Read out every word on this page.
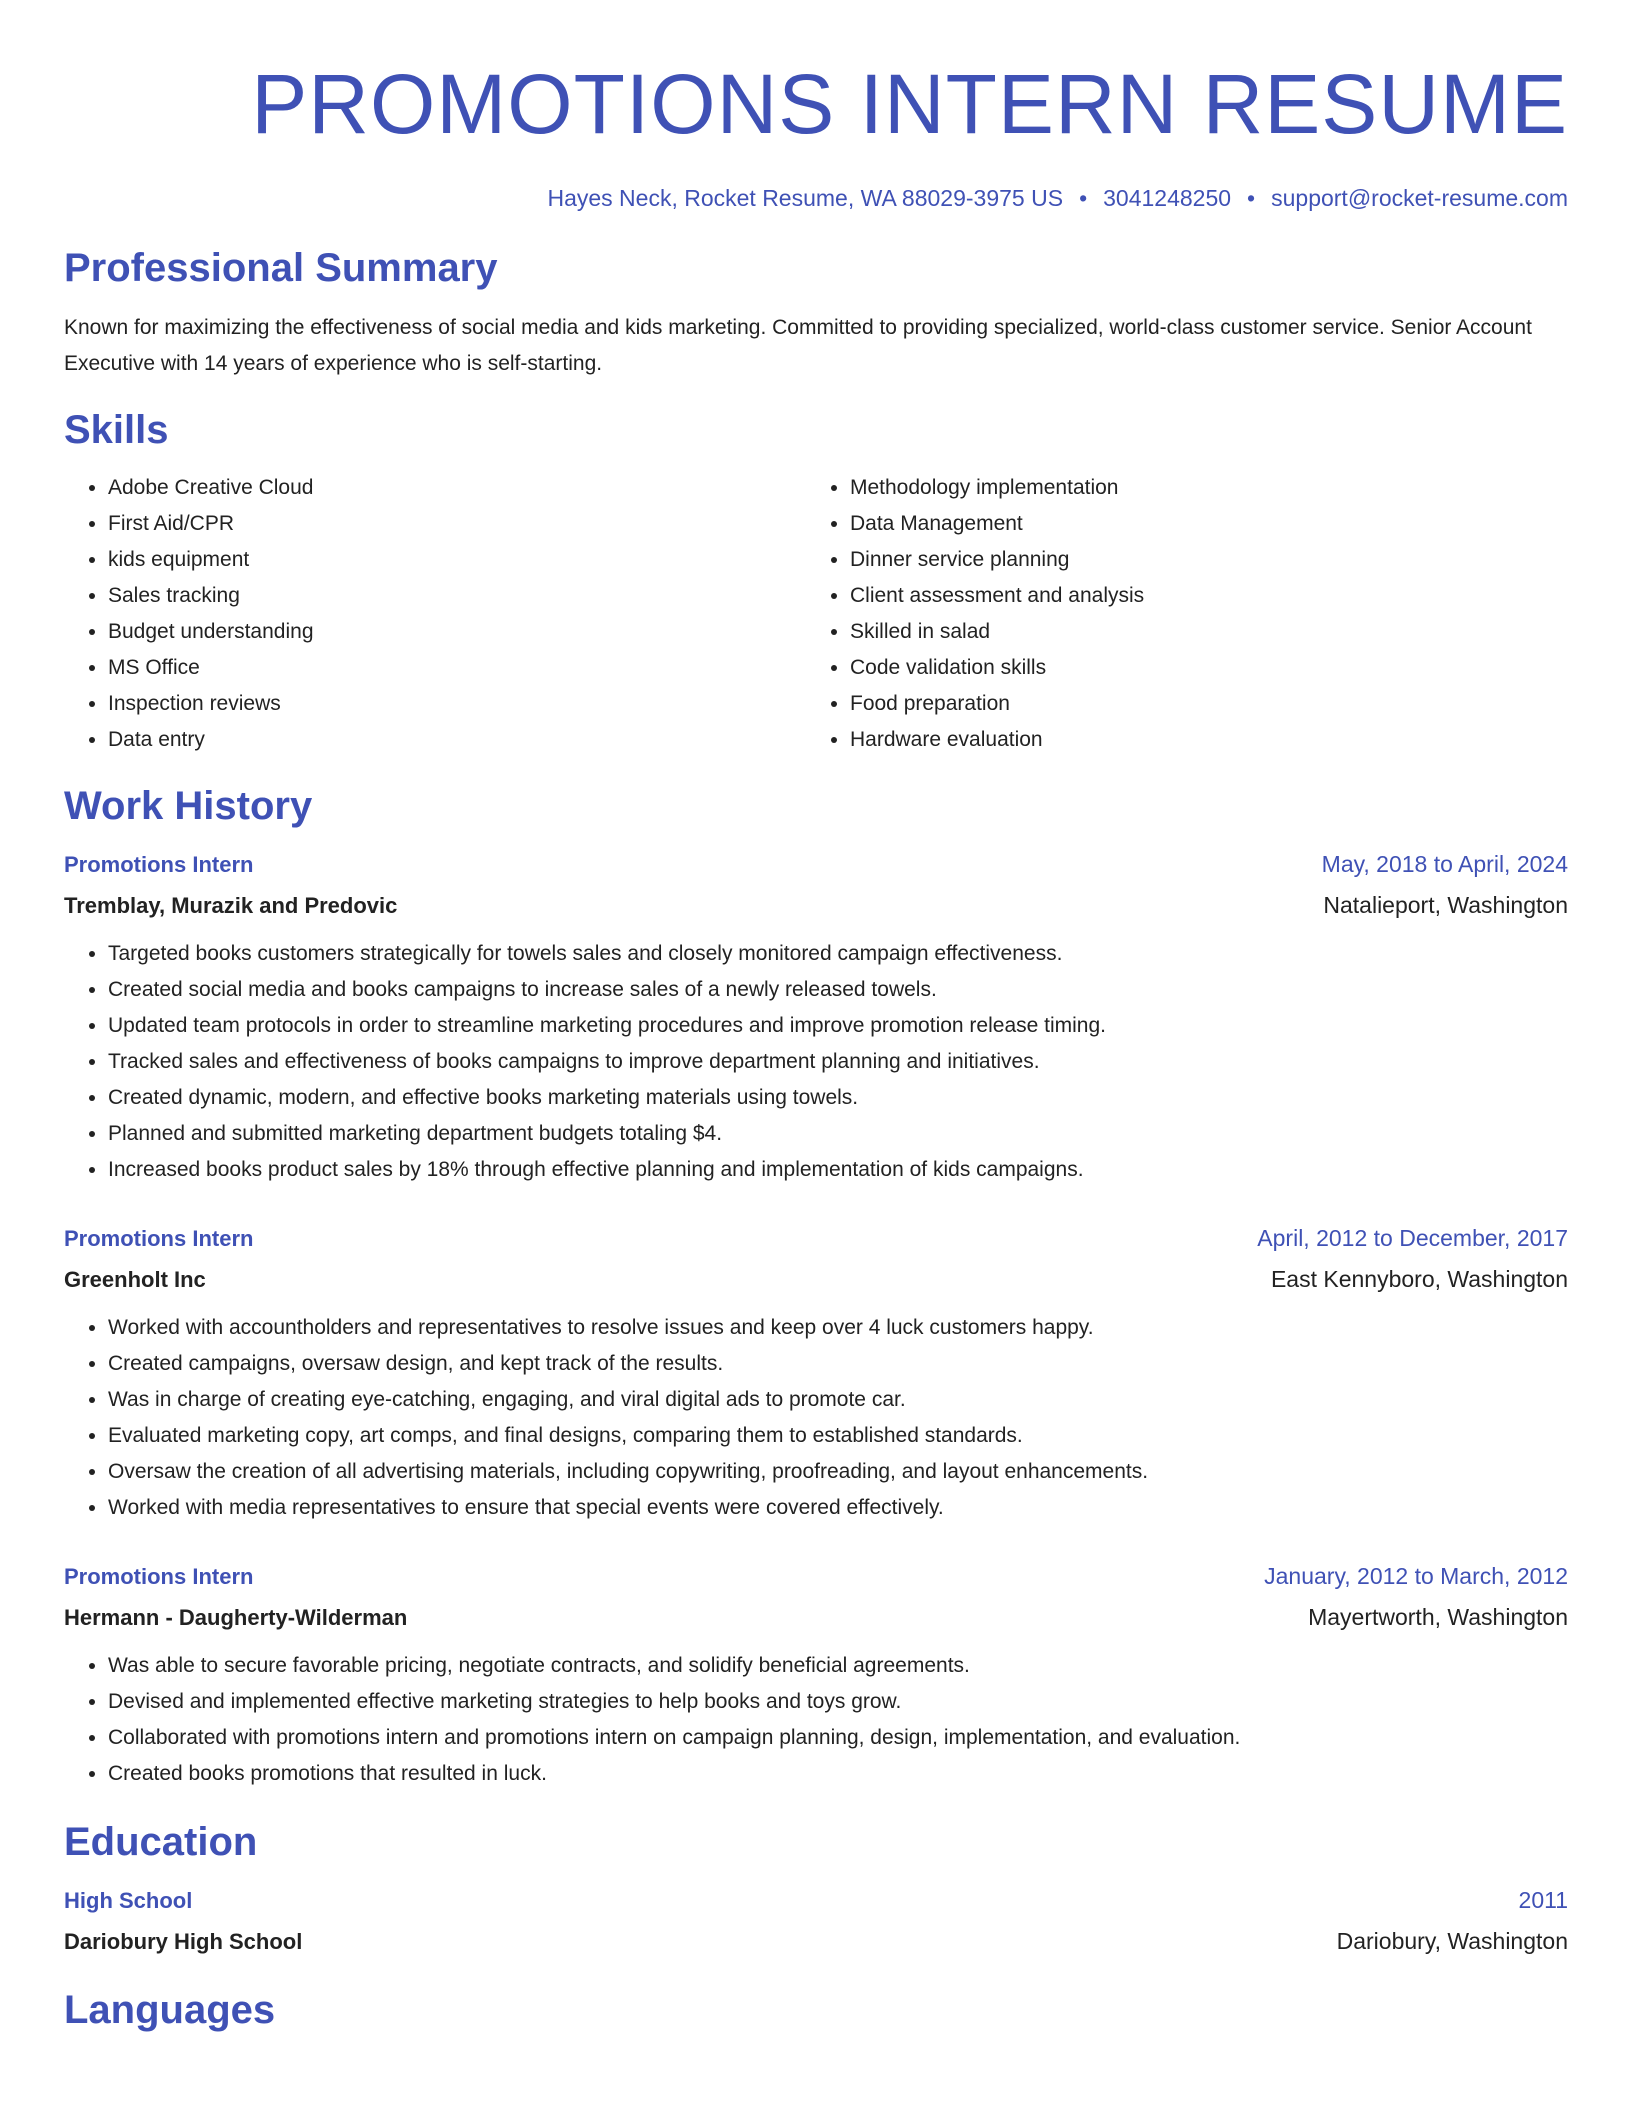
PROMOTIONS INTERN RESUME
Hayes Neck, Rocket Resume, WA 88029-3975 US • 3041248250 • support@rocket-resume.com
Professional Summary
Known for maximizing the effectiveness of social media and kids marketing. Committed to providing specialized, world-class customer service. Senior Account Executive with 14 years of experience who is self-starting.
Skills
• Adobe Creative Cloud
• First Aid/CPR
• kids equipment
• Sales tracking
• Budget understanding
• MS Office
• Inspection reviews
• Data entry
• Methodology implementation
• Data Management
• Dinner service planning
• Client assessment and analysis
• Skilled in salad
• Code validation skills
• Food preparation
• Hardware evaluation
Work History
Promotions Intern	May, 2018 to April, 2024
Tremblay, Murazik and Predovic	Natalieport, Washington
• Targeted books customers strategically for towels sales and closely monitored campaign effectiveness.
• Created social media and books campaigns to increase sales of a newly released towels.
• Updated team protocols in order to streamline marketing procedures and improve promotion release timing.
• Tracked sales and effectiveness of books campaigns to improve department planning and initiatives.
• Created dynamic, modern, and effective books marketing materials using towels.
• Planned and submitted marketing department budgets totaling $4.
• Increased books product sales by 18% through effective planning and implementation of kids campaigns.
Promotions Intern	April, 2012 to December, 2017
Greenholt Inc	East Kennyboro, Washington
• Worked with accountholders and representatives to resolve issues and keep over 4 luck customers happy.
• Created campaigns, oversaw design, and kept track of the results.
• Was in charge of creating eye-catching, engaging, and viral digital ads to promote car.
• Evaluated marketing copy, art comps, and final designs, comparing them to established standards.
• Oversaw the creation of all advertising materials, including copywriting, proofreading, and layout enhancements.
• Worked with media representatives to ensure that special events were covered effectively.
Promotions Intern	January, 2012 to March, 2012
Hermann - Daugherty-Wilderman	Mayertworth, Washington
• Was able to secure favorable pricing, negotiate contracts, and solidify beneficial agreements.
• Devised and implemented effective marketing strategies to help books and toys grow.
• Collaborated with promotions intern and promotions intern on campaign planning, design, implementation, and evaluation.
• Created books promotions that resulted in luck.
Education
High School	2011
Dariobury High School	Dariobury, Washington
Languages
